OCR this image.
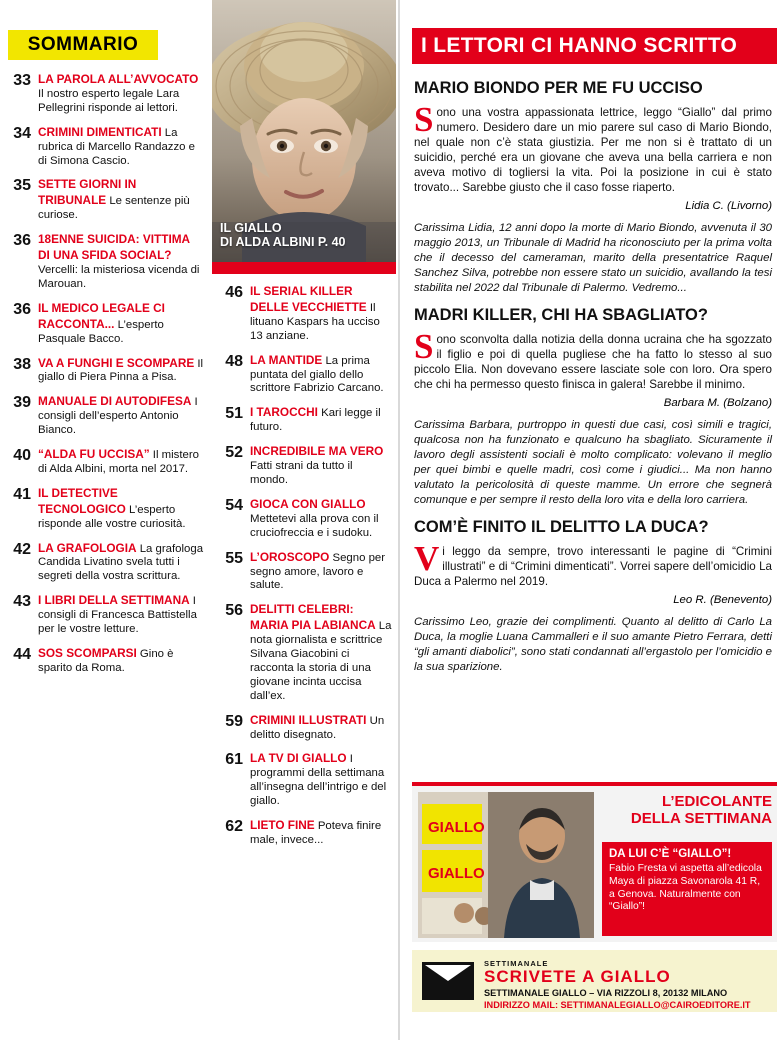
SOMMARIO
33 LA PAROLA ALL’AVVOCATO Il nostro esperto legale Lara Pellegrini risponde ai lettori.
34 CRIMINI DIMENTICATI La rubrica di Marcello Randazzo e di Simona Cascio.
35 SETTE GIORNI IN TRIBUNALE Le sentenze più curiose.
36 18ENNE SUICIDA: VITTIMA DI UNA SFIDA SOCIAL? Vercelli: la misteriosa vicenda di Marouan.
36 IL MEDICO LEGALE CI RACCONTA... L’esperto Pasquale Bacco.
38 VA A FUNGHI E SCOMPARE Il giallo di Piera Pinna a Pisa.
39 MANUALE DI AUTODIFESA I consigli dell’esperto Antonio Bianco.
40 “ALDA FU UCCISA” Il mistero di Alda Albini, morta nel 2017.
41 IL DETECTIVE TECNOLOGICO L’esperto risponde alle vostre curiosità.
42 LA GRAFOLOGIA La grafologa Candida Livatino svela tutti i segreti della vostra scrittura.
43 I LIBRI DELLA SETTIMANA I consigli di Francesca Battistella per le vostre letture.
44 SOS SCOMPARSI Gino è sparito da Roma.
IL GIALLO
DI ALDA ALBINI P. 40
46 IL SERIAL KILLER DELLE VECCHIETTE Il lituano Kaspars ha ucciso 13 anziane.
48 LA MANTIDE La prima puntata del giallo dello scrittore Fabrizio Carcano.
51 I TAROCCHI Kari legge il futuro.
52 INCREDIBILE MA VERO Fatti strani da tutto il mondo.
54 GIOCA CON GIALLO Mettetevi alla prova con il cruciofreccia e i sudoku.
55 L’OROSCOPO Segno per segno amore, lavoro e salute.
56 DELITTI CELEBRI: MARIA PIA LABIANCA La nota giornalista e scrittrice Silvana Giacobini ci racconta la storia di una giovane incinta uccisa dall’ex.
59 CRIMINI ILLUSTRATI Un delitto disegnato.
61 LA TV DI GIALLO I programmi della settimana all’insegna dell’intrigo e del giallo.
62 LIETO FINE Poteva finire male, invece...
I LETTORI CI HANNO SCRITTO
MARIO BIONDO PER ME FU UCCISO

Sono una vostra appassionata lettrice, leggo “Giallo” dal primo numero. Desidero dare un mio parere sul caso di Mario Biondo, nel quale non c’è stata giustizia. Per me non si è trattato di un suicidio, perché era un giovane che aveva una bella carriera e non aveva motivo di togliersi la vita. Poi la posizione in cui è stato trovato... Sarebbe giusto che il caso fosse riaperto.

Lidia C. (Livorno)

Carissima Lidia, 12 anni dopo la morte di Mario Biondo, avvenuta il 30 maggio 2013, un Tribunale di Madrid ha riconosciuto per la prima volta che il decesso del cameraman, marito della presentatrice Raquel Sanchez Silva, potrebbe non essere stato un suicidio, avallando la tesi stabilita nel 2022 dal Tribunale di Palermo. Vedremo...

MADRI KILLER, CHI HA SBAGLIATO?

Sono sconvolta dalla notizia della donna ucraina che ha sgozzato il figlio e poi di quella pugliese che ha fatto lo stesso al suo piccolo Elia. Non dovevano essere lasciate sole con loro. Ora spero che chi ha permesso questo finisca in galera! Sarebbe il minimo.

Barbara M. (Bolzano)

Carissima Barbara, purtroppo in questi due casi, così simili e tragici, qualcosa non ha funzionato e qualcuno ha sbagliato. Sicuramente il lavoro degli assistenti sociali è molto complicato: volevano il meglio per quei bimbi e quelle madri, così come i giudici... Ma non hanno valutato la pericolosità di queste mamme. Un errore che segnerà comunque e per sempre il resto della loro vita e della loro carriera.

COM’È FINITO IL DELITTO LA DUCA?

Vi leggo da sempre, trovo interessanti le pagine di “Crimini illustrati” e di “Crimini dimenticati”. Vorrei sapere dell’omicidio La Duca a Palermo nel 2019.

Leo R. (Benevento)

Carissimo Leo, grazie dei complimenti. Quanto al delitto di Carlo La Duca, la moglie Luana Cammalleri e il suo amante Pietro Ferrara, detti “gli amanti diabolici”, sono stati condannati all’ergastolo per l’omicidio e la sua sparizione.

GIALLO
GIALLO
L’EDICOLANTE
DELLA SETTIMANA
DA LUI C’È “GIALLO”!
Fabio Fresta vi aspetta all’edicola Maya di piazza Savonarola 41 R, a Genova. Naturalmente con “Giallo”!
SETTIMANALE
SCRIVETE A GIALLO
SETTIMANALE GIALLO – VIA RIZZOLI 8, 20132 MILANO
INDIRIZZO MAIL: SETTIMANALEGIALLO@CAIROEDITORE.IT
